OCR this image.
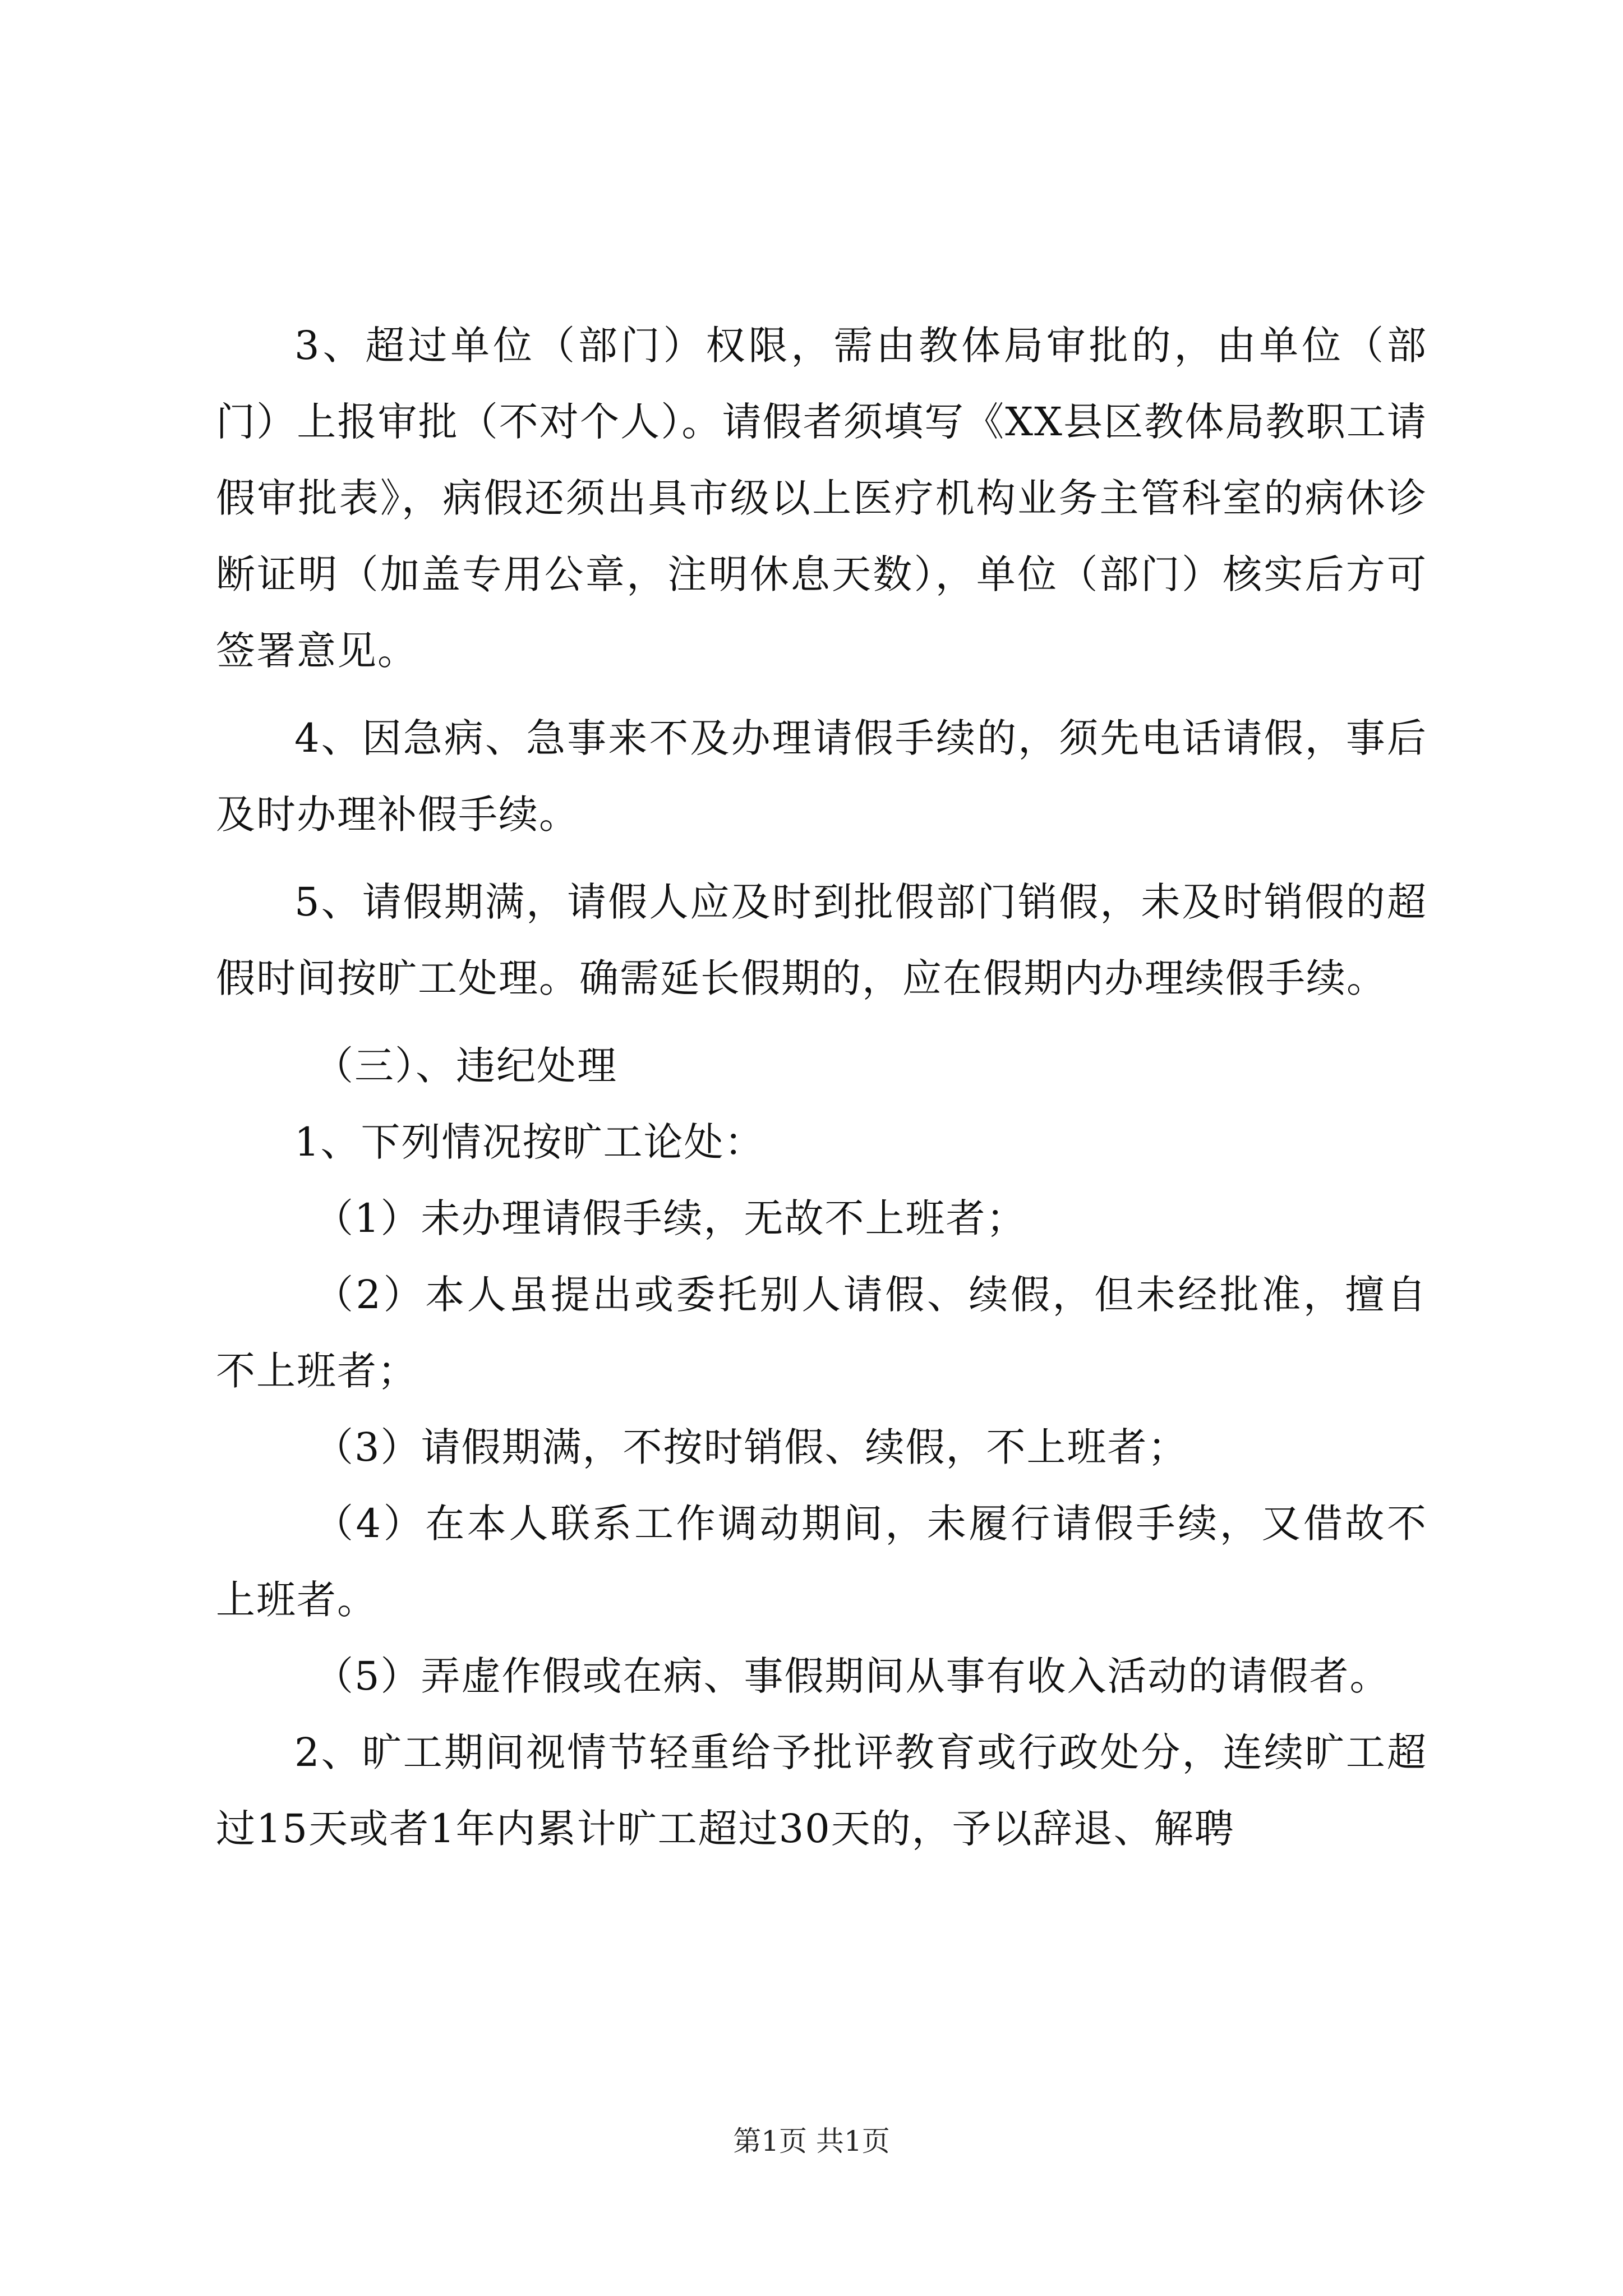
3、超过单位（部门）权限，需由教体局审批的，由单位（部门）上报审批（不对个人）。请假者须填写《XX县区教体局教职工请假审批表》，病假还须出具市级以上医疗机构业务主管科室的病休诊断证明（加盖专用公章，注明休息天数），单位（部门）核实后方可签署意见。

4、因急病、急事来不及办理请假手续的，须先电话请假，事后及时办理补假手续。

5、请假期满，请假人应及时到批假部门销假，未及时销假的超假时间按旷工处理。确需延长假期的，应在假期内办理续假手续。

（三）、违纪处理

1、下列情况按旷工论处：

（1）未办理请假手续，无故不上班者；

（2）本人虽提出或委托别人请假、续假，但未经批准，擅自不上班者；

（3）请假期满，不按时销假、续假，不上班者；

（4）在本人联系工作调动期间，未履行请假手续，又借故不上班者。

（5）弄虚作假或在病、事假期间从事有收入活动的请假者。

2、旷工期间视情节轻重给予批评教育或行政处分，连续旷工超过15天或者1年内累计旷工超过30天的，予以辞退、解聘

第1页 共1页
